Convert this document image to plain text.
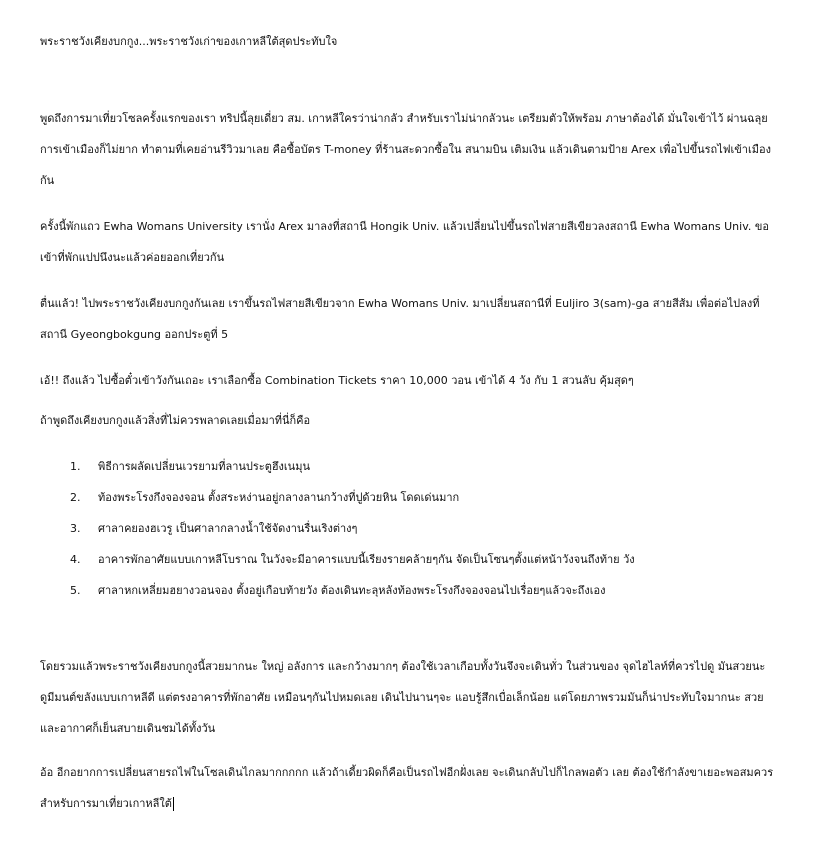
พระราชวังเคียงบกกูง...พระราชวังเก่าของเกาหลีใต้สุดประทับใจ

พูดถึงการมาเที่ยวโซลครั้งแรกของเรา ทริปนี้ลุยเดี่ยว สม. เกาหลีใครว่าน่ากลัว สำหรับเราไม่น่ากลัวนะ เตรียมตัวให้พร้อม ภาษาต้องได้ มั่นใจเข้าไว้ ผ่านฉลุย การเข้าเมืองก็ไม่ยาก ทำตามที่เคยอ่านรีวิวมาเลย คือซื้อบัตร T-money ที่ร้านสะดวกซื้อใน สนามบิน เติมเงิน แล้วเดินตามป้าย Arex เพื่อไปขึ้นรถไฟเข้าเมืองกัน

ครั้งนี้พักแถว Ewha Womans University เรานั่ง Arex มาลงที่สถานี Hongik Univ. แล้วเปลี่ยนไปขึ้นรถไฟสายสีเขียวลงสถานี Ewha Womans Univ. ขอเข้าที่พักแปปนึงนะแล้วค่อยออกเที่ยวกัน

ตื่นแล้ว! ไปพระราชวังเคียงบกกูงกันเลย เราขึ้นรถไฟสายสีเขียวจาก Ewha Womans Univ. มาเปลี่ยนสถานีที่ Euljiro 3(sam)-ga สายสีส้ม เพื่อต่อไปลงที่สถานี Gyeongbokgung ออกประตูที่ 5

เอ้!! ถึงแล้ว ไปซื้อตั๋วเข้าวังกันเถอะ เราเลือกซื้อ Combination Tickets ราคา 10,000 วอน เข้าได้ 4 วัง กับ 1 สวนลับ คุ้มสุดๆ

ถ้าพูดถึงเคียงบกกูงแล้วสิ่งที่ไม่ควรพลาดเลยเมื่อมาที่นี่ก็คือ

1. พิธีการผลัดเปลี่ยนเวรยามที่ลานประตูฮึงเนมุน
2. ท้องพระโรงกึงจองจอน ตั้งสระหง่านอยู่กลางลานกว้างที่ปูด้วยหิน โดดเด่นมาก
3. ศาลาคยองฮเวรู เป็นศาลากลางน้ำใช้จัดงานรื่นเริงต่างๆ
4. อาคารพักอาศัยแบบเกาหลีโบราณ ในวังจะมีอาคารแบบนี้เรียงรายคล้ายๆกัน จัดเป็นโซนๆตั้งแต่หน้าวังจนถึงท้าย วัง
5. ศาลาหกเหลี่ยมฮยางวอนจอง ตั้งอยู่เกือบท้ายวัง ต้องเดินทะลุหลังท้องพระโรงกึงจองจอนไปเรื่อยๆแล้วจะถึงเอง

โดยรวมแล้วพระราชวังเคียงบกกูงนี้สวยมากนะ ใหญ่ อลังการ และกว้างมากๆ ต้องใช้เวลาเกือบทั้งวันจึงจะเดินทั่ว ในส่วนของ จุดไฮไลท์ที่ควรไปดู มันสวยนะ ดูมีมนต์ขลังแบบเกาหลีดี แต่ตรงอาคารที่พักอาศัย เหมือนๆกันไปหมดเลย เดินไปนานๆจะ แอบรู้สึกเบื่อเล็กน้อย แต่โดยภาพรวมมันก็น่าประทับใจมากนะ สวยและอากาศก็เย็นสบายเดินชมได้ทั้งวัน

อ้อ อีกอยากการเปลี่ยนสายรถไฟในโซลเดินไกลมากกกกก แล้วถ้าเดี้ยวผิดก็คือเป็นรถไฟอีกฝั่งเลย จะเดินกลับไปก็ไกลพอตัว เลย ต้องใช้กำลังขาเยอะพอสมควร สำหรับการมาเที่ยวเกาหลีใต้
